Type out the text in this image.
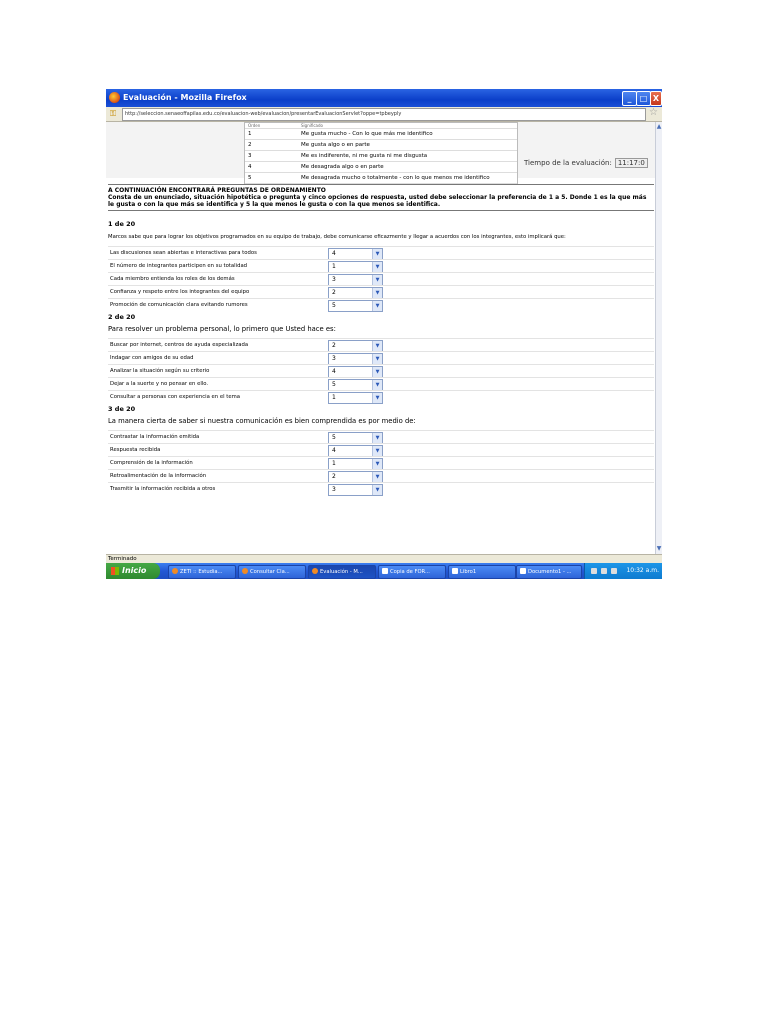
Evaluación - Mozilla Firefox	_	□ X
⚿	http://seleccion.senaeoffapilas.edu.co/evaluacion-web/evaluacion/presentarEvaluacionServlet?oppe=tpbeyply	☆
Orden	Significado
1	Me gusta mucho - Con lo que más me identifico
2	Me gusta algo o en parte
3	Me es indiferente, ni me gusta ni me disgusta
4	Me desagrada algo o en parte
5	Me desagrada mucho o totalmente - con lo que menos me identifico
Tiempo de la evaluación: 11:17:0
A CONTINUACIÓN ENCONTRARÁ PREGUNTAS DE ORDENAMIENTO
Consta de un enunciado, situación hipotética o pregunta y cinco opciones de respuesta, usted debe seleccionar la preferencia de 1 a 5. Donde 1 es la que más le gusta o con la que más se identifica y 5 la que menos le gusta o con la que menos se identifica.
1 de 20
Marcos sabe que para lograr los objetivos programados en su equipo de trabajo, debe comunicarse eficazmente y llegar a acuerdos con los integrantes, esto implicará que:
Las discusiones sean abiertas e interactivas para todos	4	▼
El número de integrantes participen en su totalidad	1	▼
Cada miembro entienda los roles de los demás	3	▼
Confianza y respeto entre los integrantes del equipo	2	▼
Promoción de comunicación clara evitando rumores	5	▼
2 de 20
Para resolver un problema personal, lo primero que Usted hace es:
Buscar por internet, centros de ayuda especializada	2	▼
Indagar con amigos de su edad	3	▼
Analizar la situación según su criterio	4	▼
Dejar a la suerte y no pensar en ello.	5	▼
Consultar a personas con experiencia en el tema	1	▼
3 de 20
La manera cierta de saber si nuestra comunicación es bien comprendida es por medio de:
Contrastar la información emitida	5	▼
Respuesta recibida	4	▼
Comprensión de la información	1	▼
Retroalimentación de la información	2	▼
Trasmitir la información recibida a otros	3	▼
▲
▼
Terminado
Inicio	ZETI :: Estudia...	Consultar Cla...	Evaluación - M...	Copia de FOR...	Libro1	Documento1 - ...	10:32 a.m.
